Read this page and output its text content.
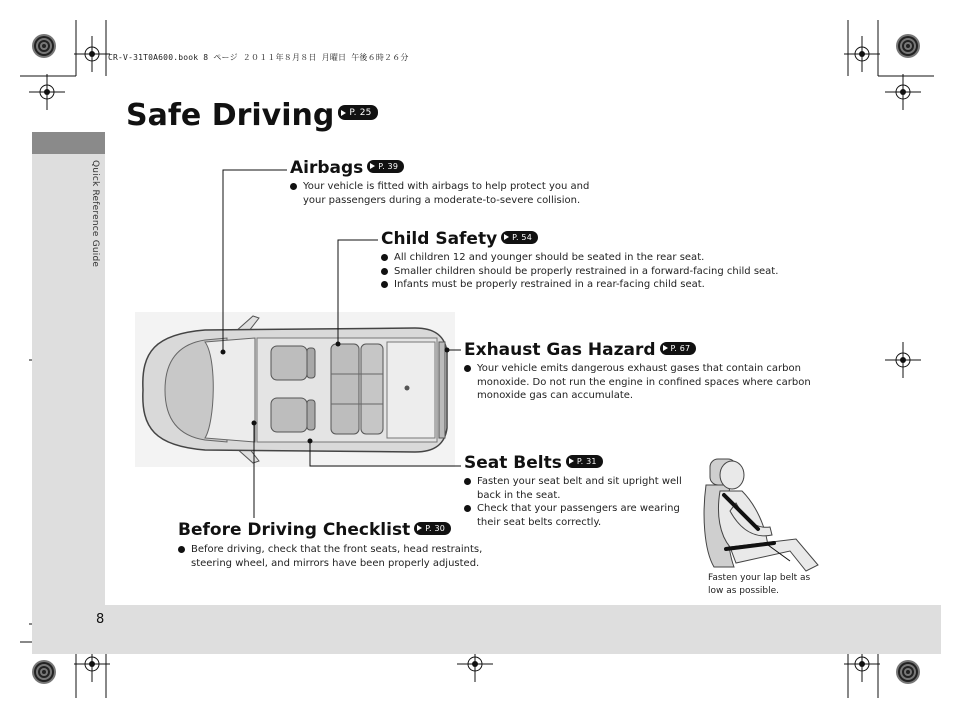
CR-V-31T0A600.book 8 ページ ２０１１年８月８日 月曜日 午後６時２６分
Quick Reference Guide
8
Safe Driving P. 25
Airbags P. 39
Your vehicle is fitted with airbags to help protect you and your passengers during a moderate-to-severe collision.
Child Safety P. 54
All children 12 and younger should be seated in the rear seat.
Smaller children should be properly restrained in a forward-facing child seat.
Infants must be properly restrained in a rear-facing child seat.
Exhaust Gas Hazard P. 67
Your vehicle emits dangerous exhaust gases that contain carbon monoxide. Do not run the engine in confined spaces where carbon monoxide gas can accumulate.
Seat Belts P. 31
Fasten your seat belt and sit upright well back in the seat.
Check that your passengers are wearing their seat belts correctly.
Before Driving Checklist P. 30
Before driving, check that the front seats, head restraints, steering wheel, and mirrors have been properly adjusted.
Fasten your lap belt as low as possible.
